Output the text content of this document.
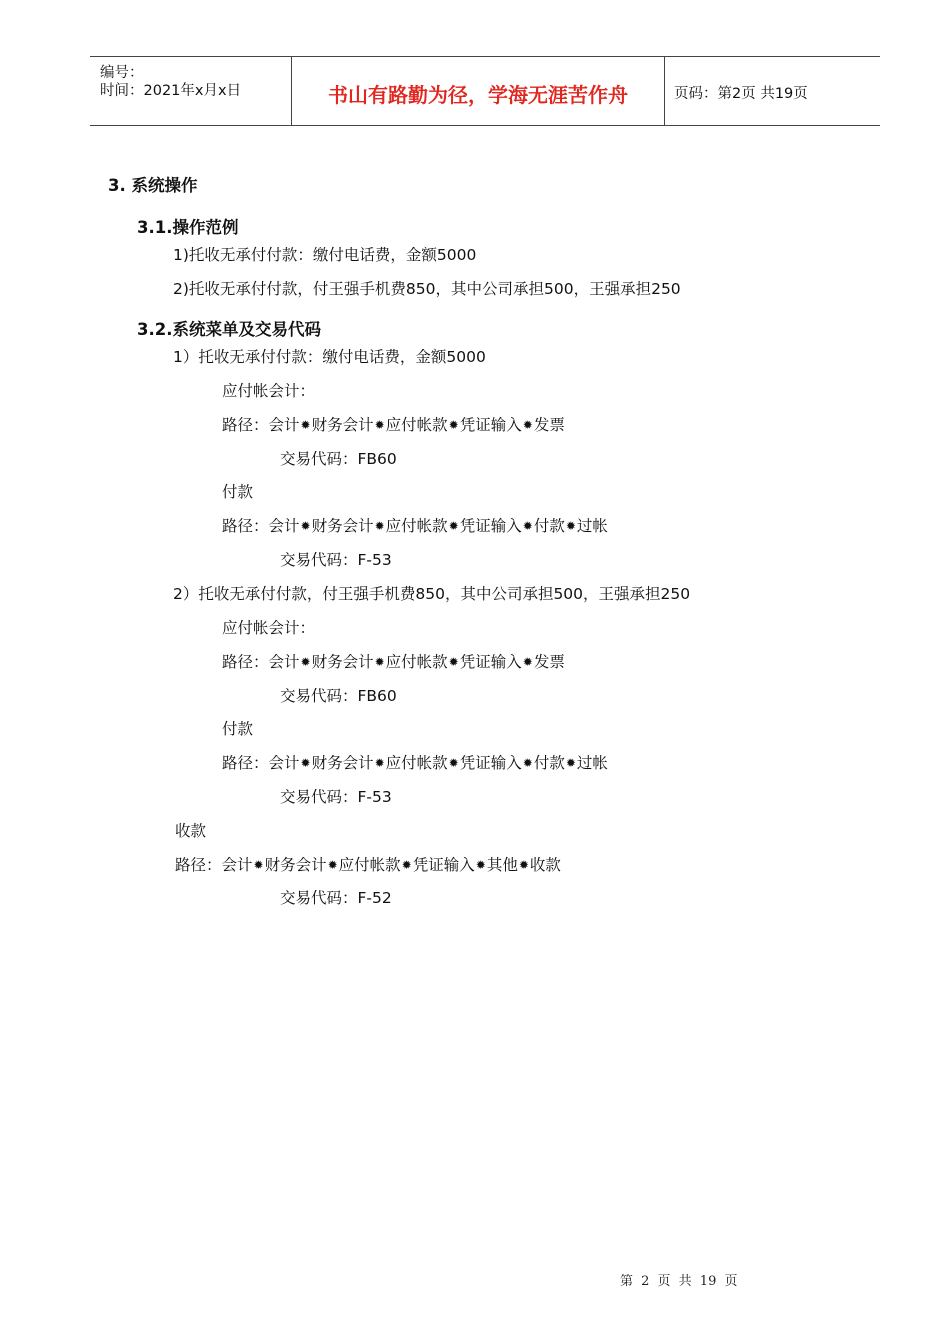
编号：
时间：2021年x月x日	书山有路勤为径，学海无涯苦作舟	页码：第2页 共19页
3. 系统操作
3.1.操作范例
1)托收无承付付款：缴付电话费，金额5000
2)托收无承付付款，付王强手机费850，其中公司承担500，王强承担250
3.2.系统菜单及交易代码
1）托收无承付付款：缴付电话费，金额5000
应付帐会计：
路径：会计✹财务会计✹应付帐款✹凭证输入✹发票
交易代码：FB60
付款
路径：会计✹财务会计✹应付帐款✹凭证输入✹付款✹过帐
交易代码：F-53
2）托收无承付付款，付王强手机费850，其中公司承担500，王强承担250
应付帐会计：
路径：会计✹财务会计✹应付帐款✹凭证输入✹发票
交易代码：FB60
付款
路径：会计✹财务会计✹应付帐款✹凭证输入✹付款✹过帐
交易代码：F-53
收款
路径：会计✹财务会计✹应付帐款✹凭证输入✹其他✹收款
交易代码：F-52
第 2 页 共 19 页
